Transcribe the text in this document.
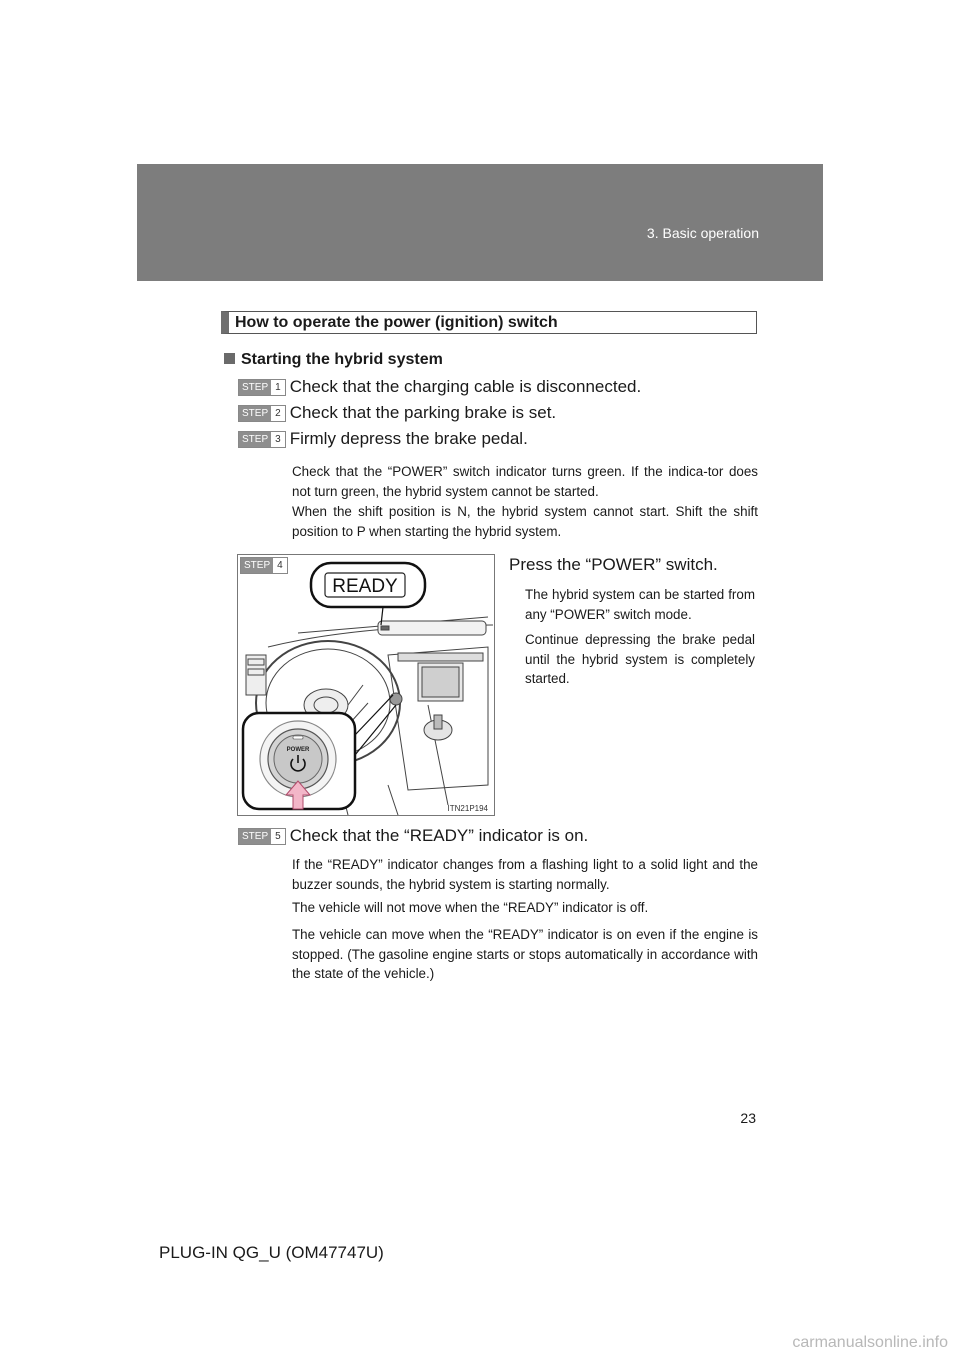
3. Basic operation
How to operate the power (ignition) switch
Starting the hybrid system
STEP 1 Check that the charging cable is disconnected.
STEP 2 Check that the parking brake is set.
STEP 3 Firmly depress the brake pedal.
Check that the “POWER” switch indicator turns green. If the indica-tor does not turn green, the hybrid system cannot be started.
When the shift position is N, the hybrid system cannot start. Shift the shift position to P when starting the hybrid system.
STEP 4
READY
POWER
ITN21P194
Press the “POWER” switch.
The hybrid system can be started from any “POWER” switch mode.
Continue depressing the brake pedal until the hybrid system is completely started.
STEP 5 Check that the “READY” indicator is on.
If the “READY” indicator changes from a flashing light to a solid light and the buzzer sounds, the hybrid system is starting normally.
The vehicle will not move when the “READY” indicator is off.
The vehicle can move when the “READY” indicator is on even if the engine is stopped. (The gasoline engine starts or stops automatically in accordance with the state of the vehicle.)
23
PLUG-IN QG_U (OM47747U)
carmanualsonline.info
